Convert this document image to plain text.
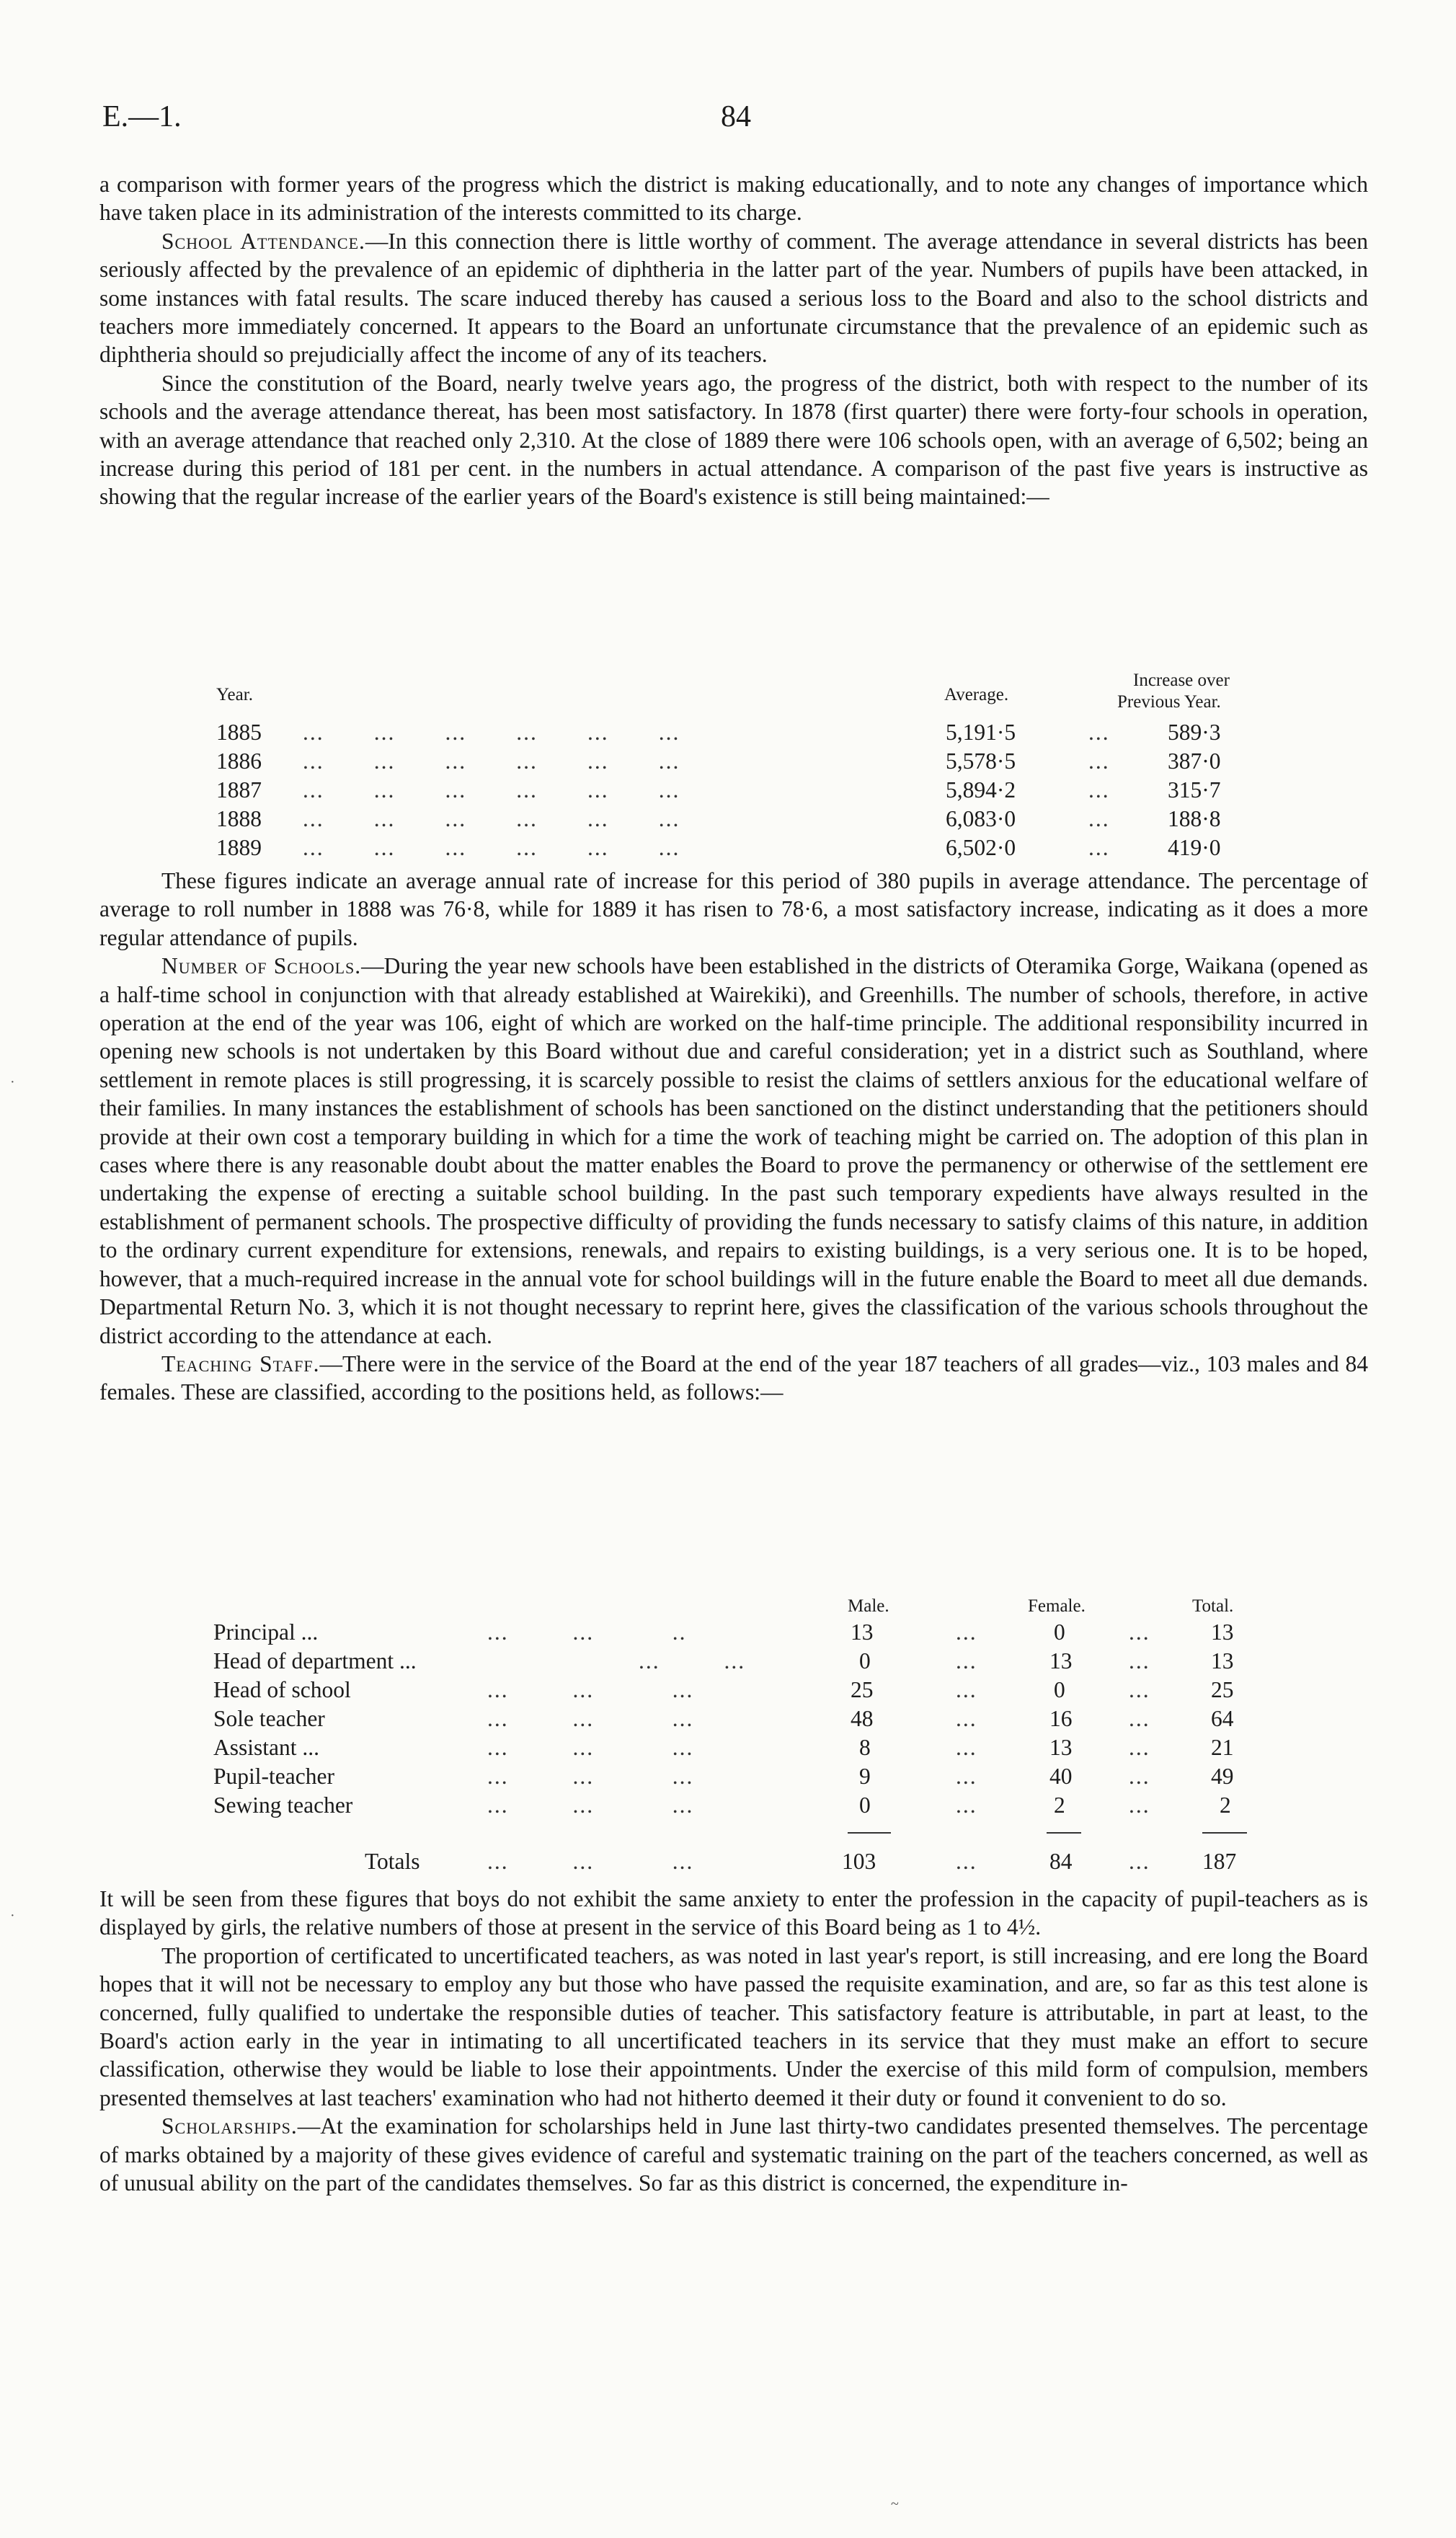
E.—1.	84

a comparison with former years of the progress which the district is making educationally, and to note any changes of importance which have taken place in its administration of the interests committed to its charge.

School Attendance.—In this connection there is little worthy of comment. The average attendance in several districts has been seriously affected by the prevalence of an epidemic of diphtheria in the latter part of the year. Numbers of pupils have been attacked, in some instances with fatal results. The scare induced thereby has caused a serious loss to the Board and also to the school districts and teachers more immediately concerned. It appears to the Board an unfortunate circumstance that the prevalence of an epidemic such as diphtheria should so prejudicially affect the income of any of its teachers.

Since the constitution of the Board, nearly twelve years ago, the progress of the district, both with respect to the number of its schools and the average attendance thereat, has been most satisfactory. In 1878 (first quarter) there were forty-four schools in operation, with an average attendance that reached only 2,310. At the close of 1889 there were 106 schools open, with an average of 6,502; being an increase during this period of 181 per cent. in the numbers in actual attendance. A comparison of the past five years is instructive as showing that the regular increase of the earlier years of the Board's existence is still being maintained:—

Year.	Average.
Increase over
Previous Year.
1885 ...       ...       ...       ...       ...       ...	5,191·5	...	589·3
1886 ...       ...       ...       ...       ...       ...	5,578·5	...	387·0
1887 ...       ...       ...       ...       ...       ...	5,894·2	...	315·7
1888 ...       ...       ...       ...       ...       ...	6,083·0	...	188·8
1889 ...       ...       ...       ...       ...       ...	6,502·0	...	419·0

These figures indicate an average annual rate of increase for this period of 380 pupils in average attendance. The percentage of average to roll number in 1888 was 76·8, while for 1889 it has risen to 78·6, a most satisfactory increase, indicating as it does a more regular attendance of pupils.

Number of Schools.—During the year new schools have been established in the districts of Oteramika Gorge, Waikana (opened as a half-time school in conjunction with that already established at Wairekiki), and Greenhills. The number of schools, therefore, in active operation at the end of the year was 106, eight of which are worked on the half-time principle. The additional responsibility incurred in opening new schools is not undertaken by this Board without due and careful consideration; yet in a district such as Southland, where settlement in remote places is still progressing, it is scarcely possible to resist the claims of settlers anxious for the educational welfare of their families. In many instances the establishment of schools has been sanctioned on the distinct understanding that the petitioners should provide at their own cost a temporary building in which for a time the work of teaching might be carried on. The adoption of this plan in cases where there is any reasonable doubt about the matter enables the Board to prove the permanency or otherwise of the settlement ere undertaking the expense of erecting a suitable school building. In the past such temporary expedients have always resulted in the establishment of permanent schools. The prospective difficulty of providing the funds necessary to satisfy claims of this nature, in addition to the ordinary current expenditure for extensions, renewals, and repairs to existing buildings, is a very serious one. It is to be hoped, however, that a much-required increase in the annual vote for school buildings will in the future enable the Board to meet all due demands. Departmental Return No. 3, which it is not thought necessary to reprint here, gives the classification of the various schools throughout the district according to the attendance at each.

Teaching Staff.—There were in the service of the Board at the end of the year 187 teachers of all grades—viz., 103 males and 84 females. These are classified, according to the positions held, as follows:—

Male.	Female.	Total.
Principal ...	...         ...           ..	13	...	0	...	13
Head of department ...	...         ...	0	...	13 ...	13
Head of school	...         ...           ...	25	...	0	...	25
Sole teacher	...         ...           ...	48	...	16 ...	64
Assistant ...	...         ...           ...	8	...	13 ...	21
Pupil-teacher	...         ...           ...	9	...	40 ...	49
Sewing teacher	...         ...           ...	0	...	2	...	2
Totals	...         ...           ...	103	...	84 ... 187

It will be seen from these figures that boys do not exhibit the same anxiety to enter the profession in the capacity of pupil-teachers as is displayed by girls, the relative numbers of those at present in the service of this Board being as 1 to 4½.

The proportion of certificated to uncertificated teachers, as was noted in last year's report, is still increasing, and ere long the Board hopes that it will not be necessary to employ any but those who have passed the requisite examination, and are, so far as this test alone is concerned, fully qualified to undertake the responsible duties of teacher. This satisfactory feature is attributable, in part at least, to the Board's action early in the year in intimating to all uncertificated teachers in its service that they must make an effort to secure classification, otherwise they would be liable to lose their appointments. Under the exercise of this mild form of compulsion, members presented themselves at last teachers' examination who had not hitherto deemed it their duty or found it convenient to do so.

Scholarships.—At the examination for scholarships held in June last thirty-two candidates presented themselves. The percentage of marks obtained by a majority of these gives evidence of careful and systematic training on the part of the teachers concerned, as well as of unusual ability on the part of the candidates themselves. So far as this district is concerned, the expenditure in-

·
·
~
